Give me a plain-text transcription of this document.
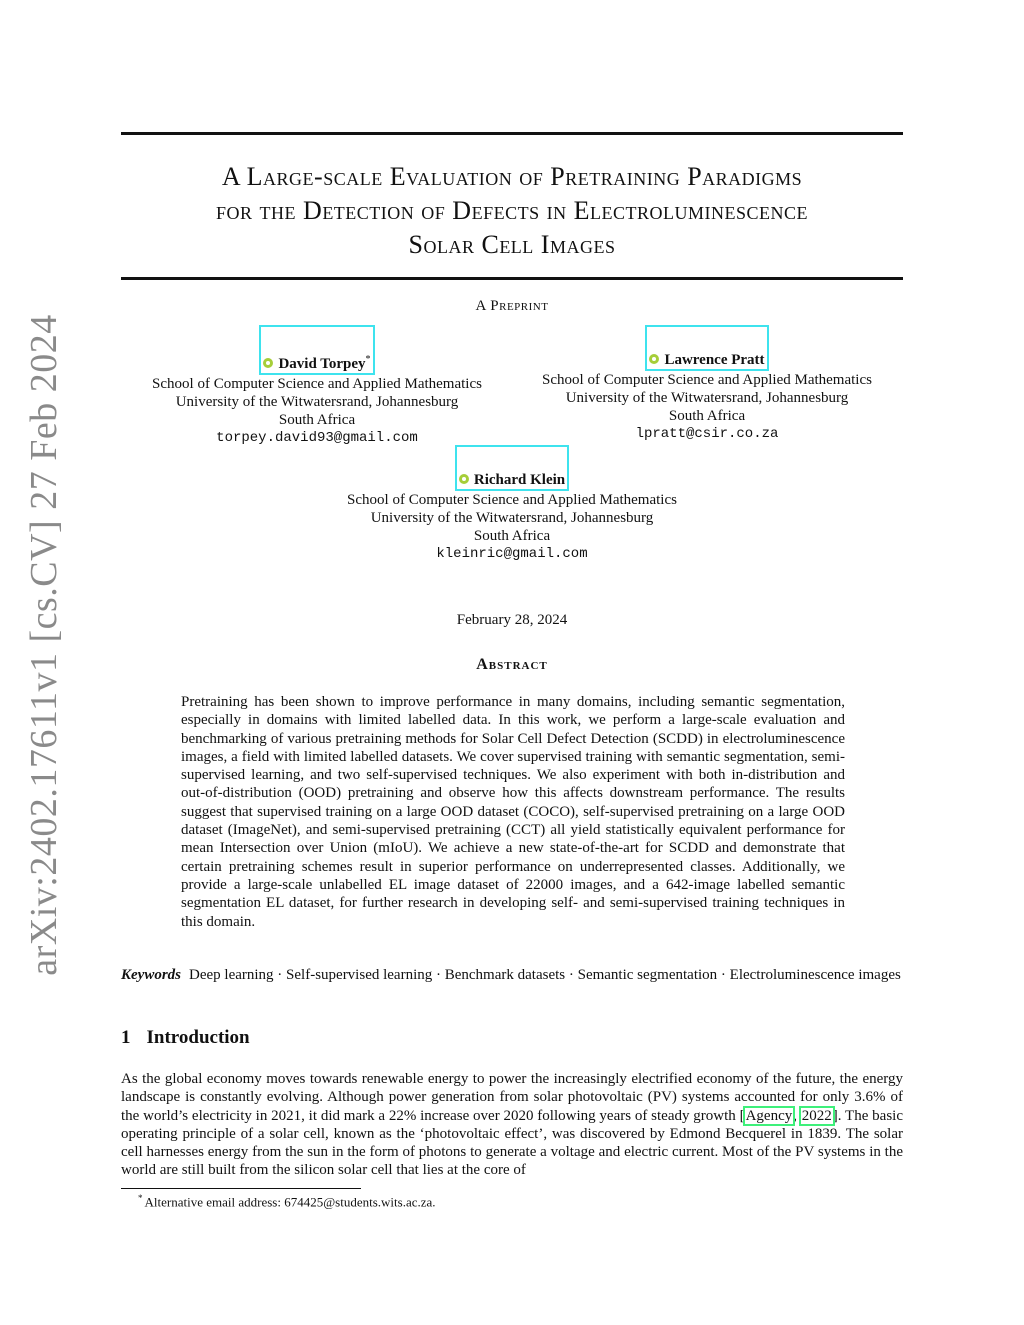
arXiv:2402.17611v1 [cs.CV] 27 Feb 2024
A Large-scale Evaluation of Pretraining Paradigms
for the Detection of Defects in Electroluminescence
Solar Cell Images
A Preprint
David Torpey*
School of Computer Science and Applied Mathematics
University of the Witwatersrand, Johannesburg
South Africa
torpey.david93@gmail.com
Lawrence Pratt
School of Computer Science and Applied Mathematics
University of the Witwatersrand, Johannesburg
South Africa
lpratt@csir.co.za
Richard Klein
School of Computer Science and Applied Mathematics
University of the Witwatersrand, Johannesburg
South Africa
kleinric@gmail.com
February 28, 2024
Abstract
Pretraining has been shown to improve performance in many domains, including semantic segmentation, especially in domains with limited labelled data. In this work, we perform a large-scale evaluation and benchmarking of various pretraining methods for Solar Cell Defect Detection (SCDD) in electroluminescence images, a field with limited labelled datasets. We cover supervised training with semantic segmentation, semi-supervised learning, and two self-supervised techniques. We also experiment with both in-distribution and out-of-distribution (OOD) pretraining and observe how this affects downstream performance. The results suggest that supervised training on a large OOD dataset (COCO), self-supervised pretraining on a large OOD dataset (ImageNet), and semi-supervised pretraining (CCT) all yield statistically equivalent performance for mean Intersection over Union (mIoU). We achieve a new state-of-the-art for SCDD and demonstrate that certain pretraining schemes result in superior performance on underrepresented classes. Additionally, we provide a large-scale unlabelled EL image dataset of 22000 images, and a 642-image labelled semantic segmentation EL dataset, for further research in developing self- and semi-supervised training techniques in this domain.
Keywords Deep learning · Self-supervised learning · Benchmark datasets · Semantic segmentation · Electroluminescence images
1 Introduction
As the global economy moves towards renewable energy to power the increasingly electrified economy of the future, the energy landscape is constantly evolving. Although power generation from solar photovoltaic (PV) systems accounted for only 3.6% of the world’s electricity in 2021, it did mark a 22% increase over 2020 following years of steady growth [Agency, 2022]. The basic operating principle of a solar cell, known as the ‘photovoltaic effect’, was discovered by Edmond Becquerel in 1839. The solar cell harnesses energy from the sun in the form of photons to generate a voltage and electric current. Most of the PV systems in the world are still built from the silicon solar cell that lies at the core of
* Alternative email address: 674425@students.wits.ac.za.
